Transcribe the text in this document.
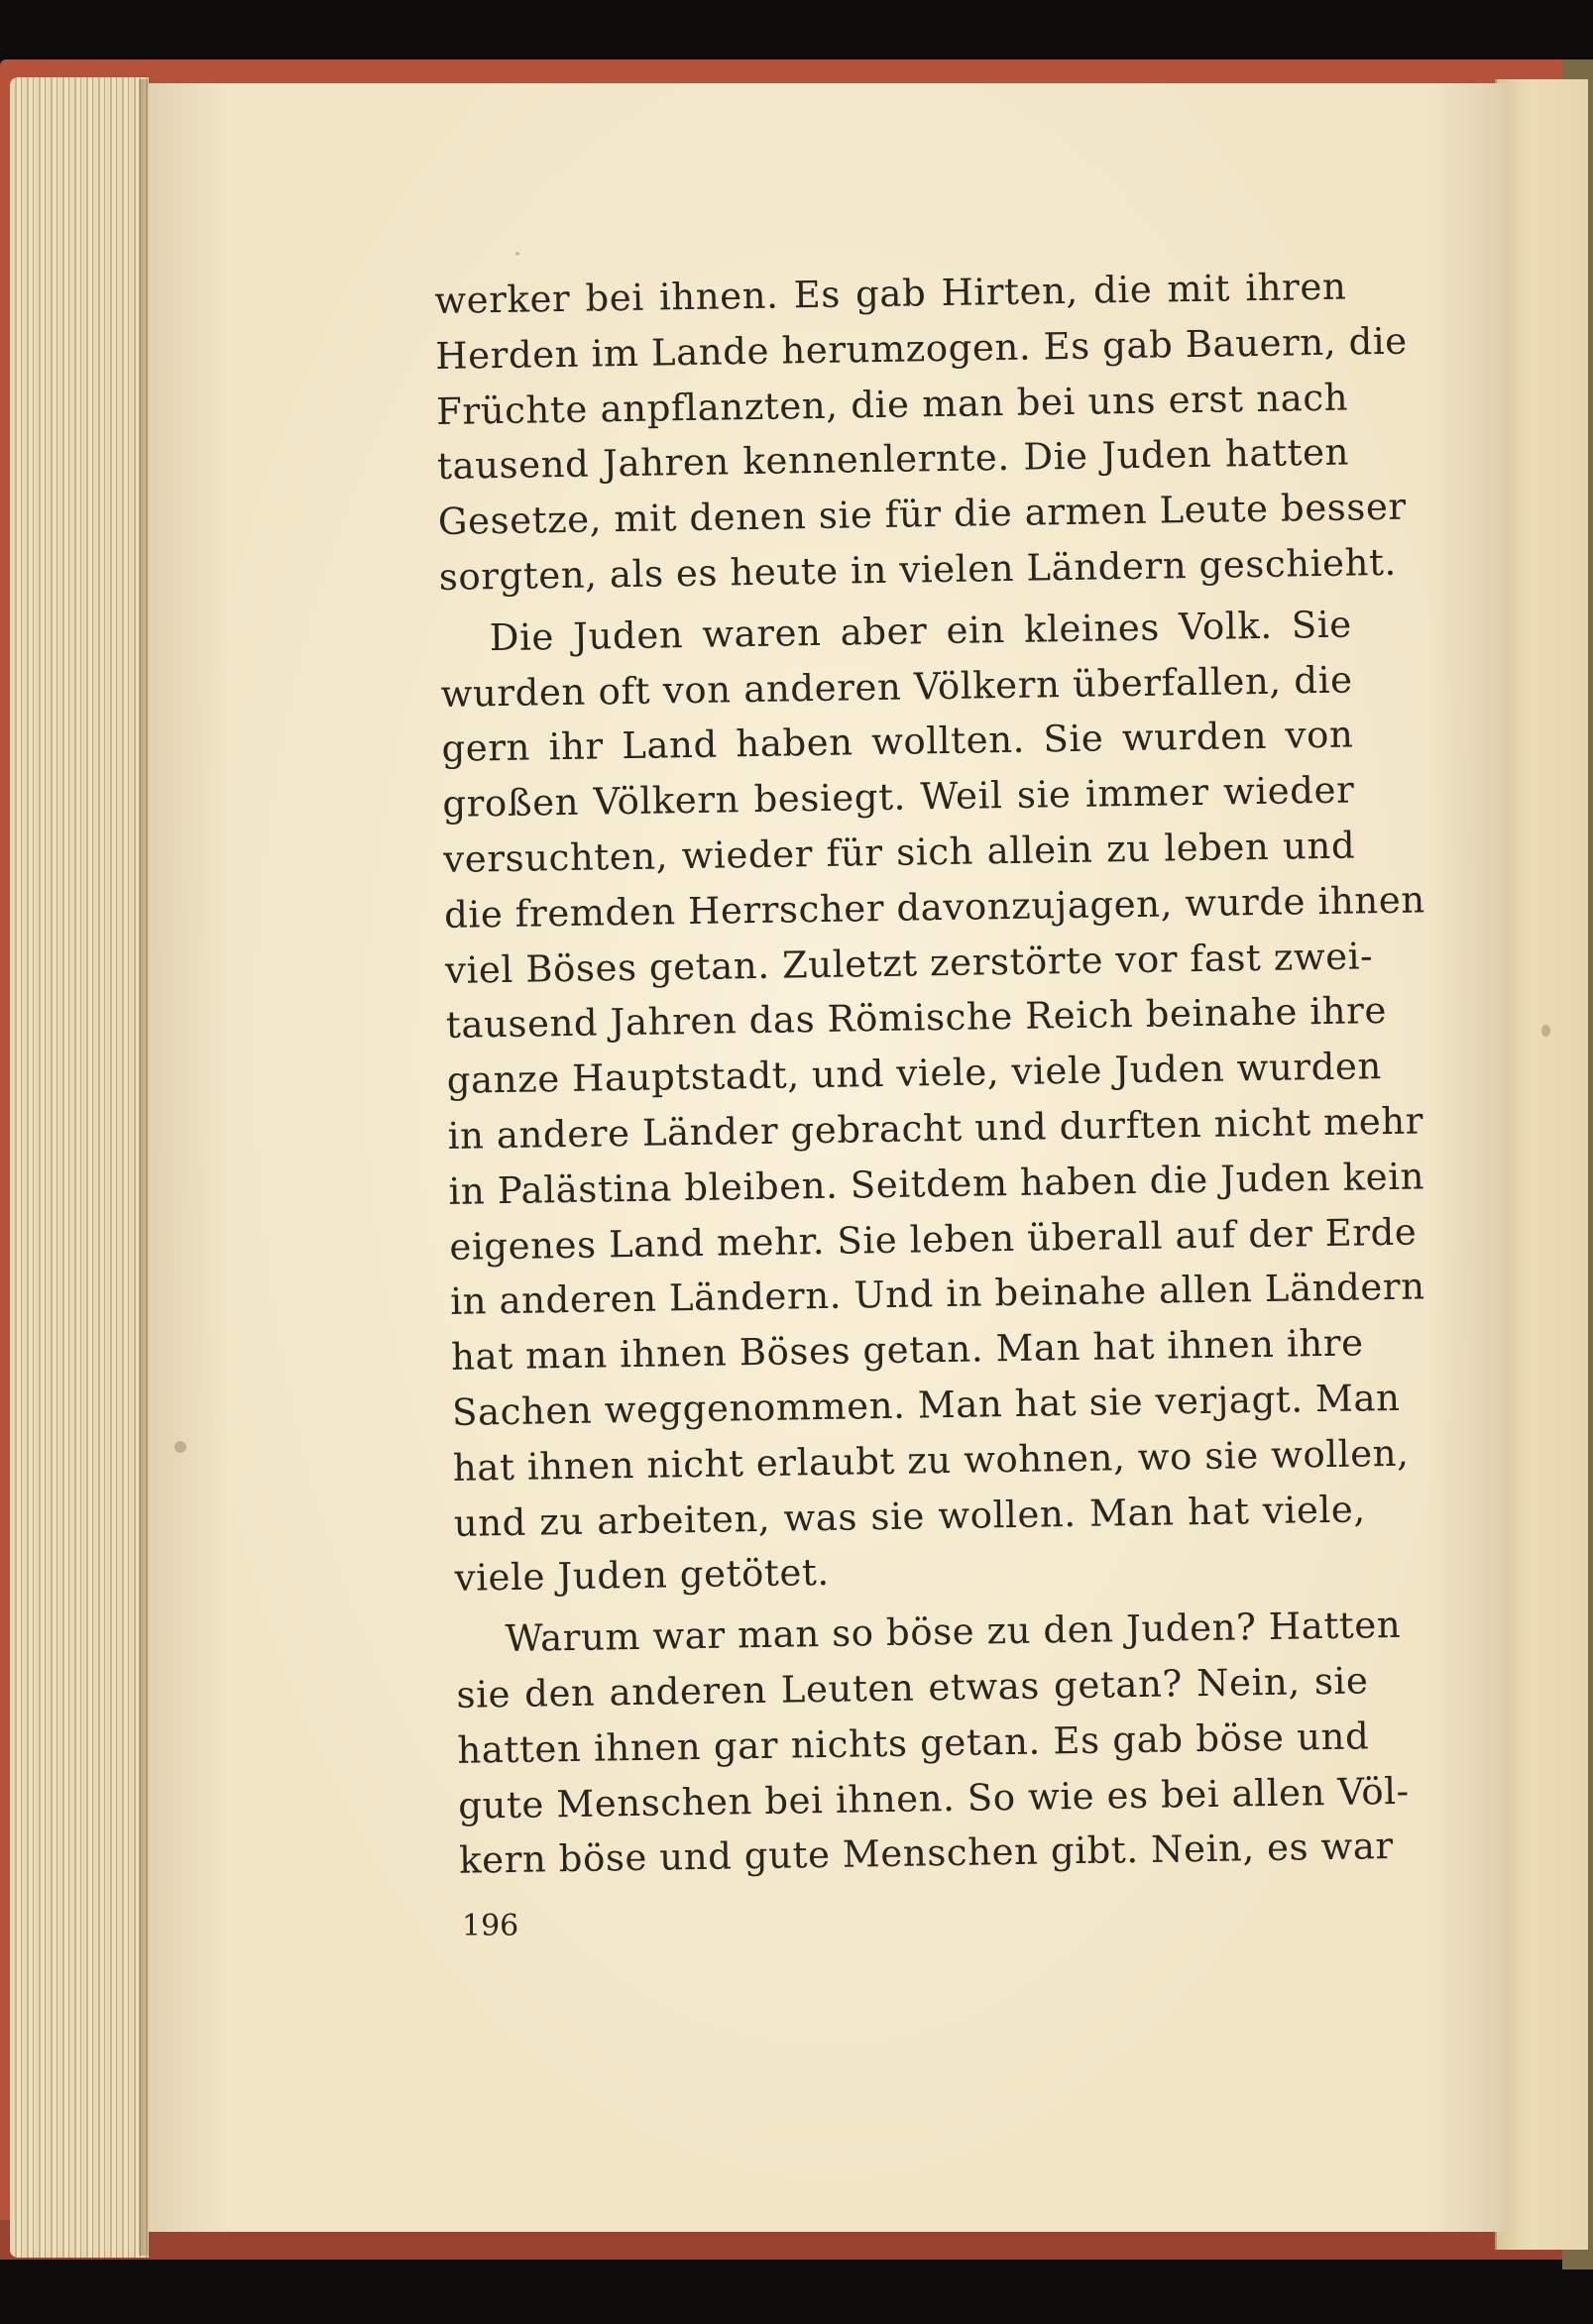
werker bei ihnen. Es gab Hirten, die mit ihren
Herden im Lande herumzogen. Es gab Bauern, die
Früchte anpflanzten, die man bei uns erst nach
tausend Jahren kennenlernte. Die Juden hatten
Gesetze, mit denen sie für die armen Leute besser
sorgten, als es heute in vielen Ländern geschieht.
Die Juden waren aber ein kleines Volk. Sie
wurden oft von anderen Völkern überfallen, die
gern ihr Land haben wollten. Sie wurden von
großen Völkern besiegt. Weil sie immer wieder
versuchten, wieder für sich allein zu leben und
die fremden Herrscher davonzujagen, wurde ihnen
viel Böses getan. Zuletzt zerstörte vor fast zwei-
tausend Jahren das Römische Reich beinahe ihre
ganze Hauptstadt, und viele, viele Juden wurden
in andere Länder gebracht und durften nicht mehr
in Palästina bleiben. Seitdem haben die Juden kein
eigenes Land mehr. Sie leben überall auf der Erde
in anderen Ländern. Und in beinahe allen Ländern
hat man ihnen Böses getan. Man hat ihnen ihre
Sachen weggenommen. Man hat sie verjagt. Man
hat ihnen nicht erlaubt zu wohnen, wo sie wollen,
und zu arbeiten, was sie wollen. Man hat viele,
viele Juden getötet.
Warum war man so böse zu den Juden? Hatten
sie den anderen Leuten etwas getan? Nein, sie
hatten ihnen gar nichts getan. Es gab böse und
gute Menschen bei ihnen. So wie es bei allen Völ-
kern böse und gute Menschen gibt. Nein, es war
196
